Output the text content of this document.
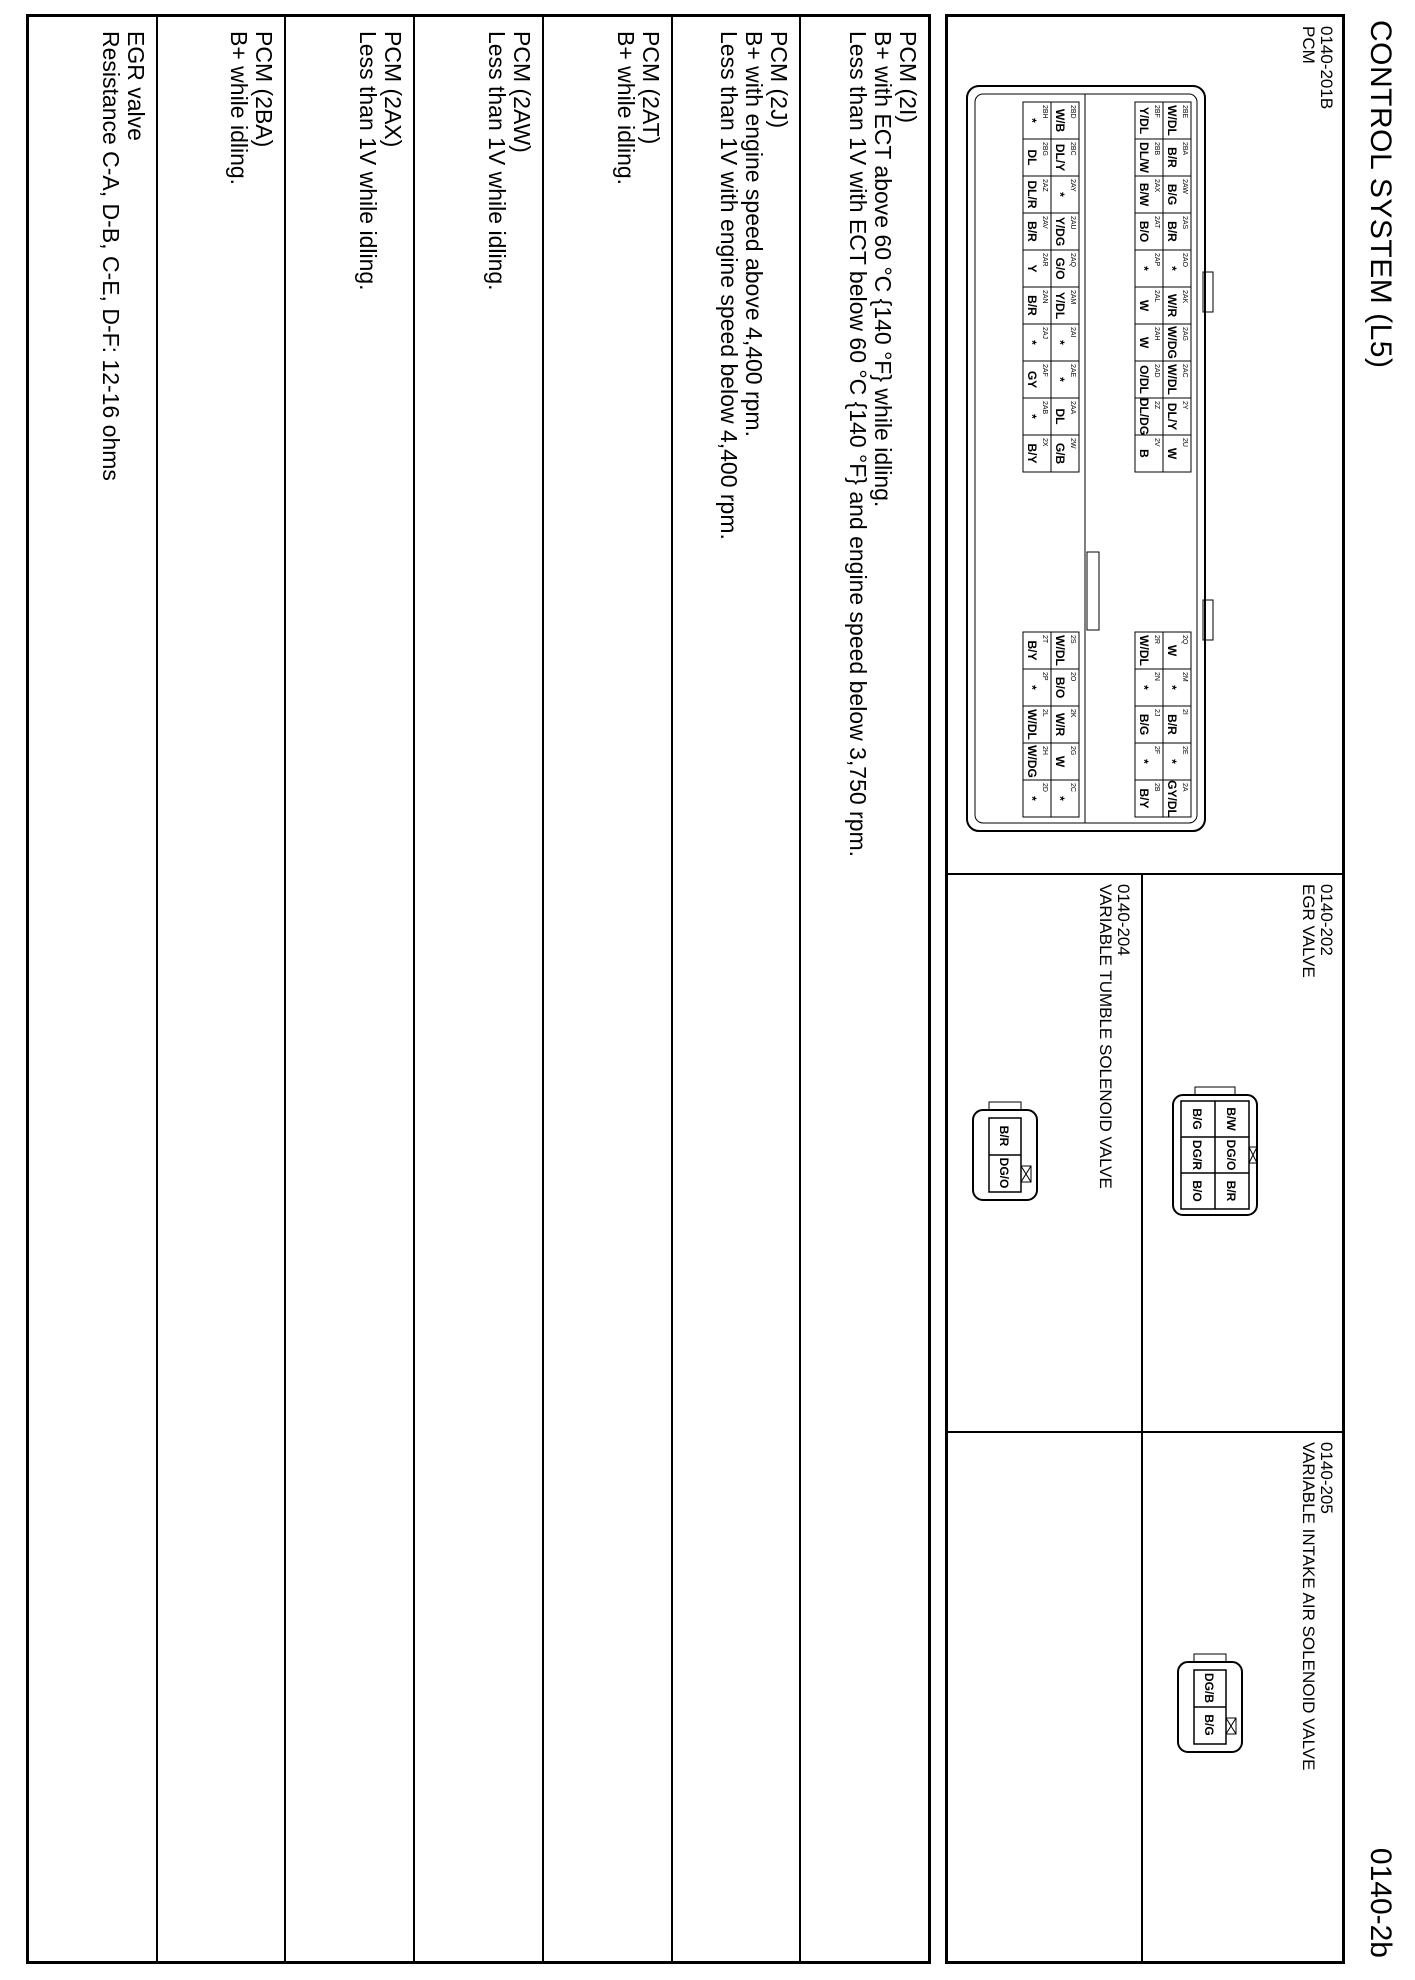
CONTROL SYSTEM (L5)
0140-2b
0140-201B
PCM
2BE
W/DL
2BA
B/R
2AW
B/G
2AS
B/R
2AO
*
2AK
W/R
2AG
W/DG
2AC
W/DL
2Y
DL/Y
2U
W
2Q
W
2M
*
2I
B/R
2E
*
2A
GY/DL
2BF
Y/DL
2BB
DL/W
2AX
B/W
2AT
B/O
2AP
*
2AL
W
2AH
W
2AD
O/DL
2Z
DL/DG
2V
B
2R
W/DL
2N
*
2J
B/G
2F
*
2B
B/Y
2BD
W/B
2BC
DL/Y
2AY
*
2AU
Y/DG
2AQ
G/O
2AM
Y/DL
2AI
*
2AE
*
2AA
DL
2W
G/B
2S
W/DL
2O
B/O
2K
W/R
2G
W
2C
*
2BH
*
2BG
DL
2AZ
DL/R
2AV
B/R
2AR
Y
2AN
B/R
2AJ
*
2AF
GY
2AB
*
2X
B/Y
2T
B/Y
2P
*
2L
W/DL
2H
W/DG
2D
*
0140-202
EGR VALVE
B/W
DG/O
B/R
B/G
DG/R
B/O
0140-204
VARIABLE TUMBLE SOLENOID VALVE
B/R
DG/O
0140-205
VARIABLE INTAKE AIR SOLENOID VALVE
DG/B
B/G
PCM (2I)
B+ with ECT above 60 °C {140 °F} while idling.
Less than 1V with ECT below 60 °C {140 °F} and engine speed below 3,750 rpm.
PCM (2J)
B+ with engine speed above 4,400 rpm.
Less than 1V with engine speed below 4,400 rpm.
PCM (2AT)
B+ while idling.
PCM (2AW)
Less than 1V while idling.
PCM (2AX)
Less than 1V while idling.
PCM (2BA)
B+ while idling.
EGR valve
Resistance C-A, D-B, C-E, D-F: 12-16 ohms
